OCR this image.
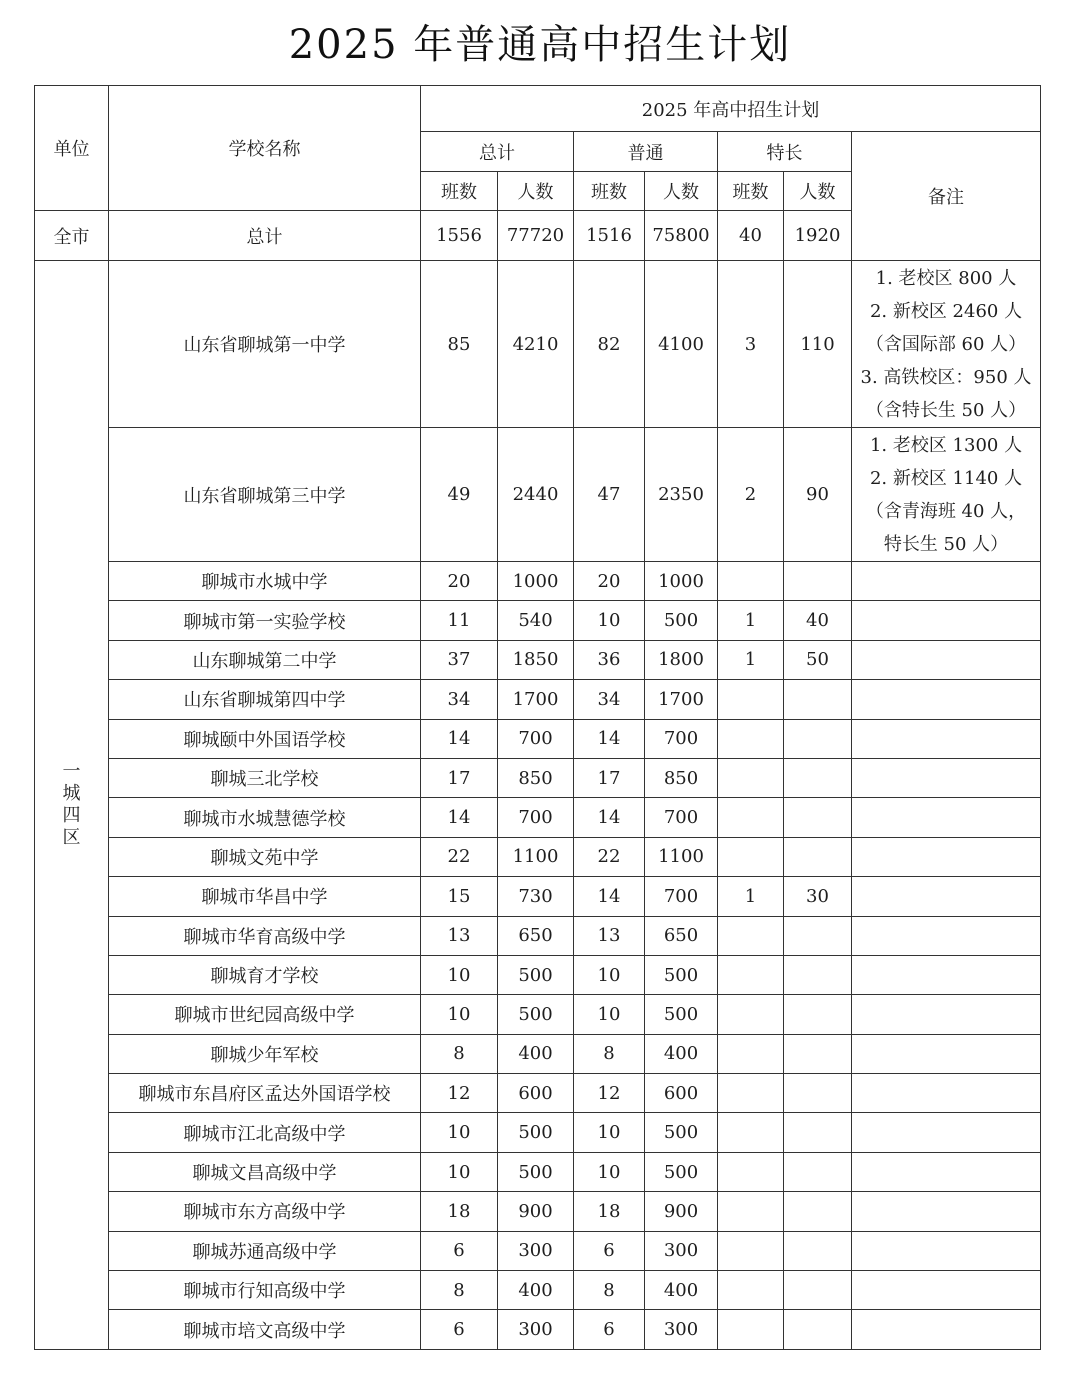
2025 年普通高中招生计划
单位	学校名称	2025 年高中招生计划						
		总计		普通		特长		备注
		班数	人数	班数	人数	班数	人数	
全市	总计	1556	77720	1516	75800	40	1920	

一
城
四
区	山东省聊城第一中学	85	4210	82	4100	3	110	1. 老校区 800 人
2. 新校区 2460 人
（含国际部 60 人）
3. 高铁校区：950 人
（含特长生 50 人）

	山东省聊城第三中学	49	2440	47	2350	2	90	1. 老校区 1300 人
2. 新校区 1140 人
（含青海班 40 人，
特长生 50 人）

	聊城市水城中学	20	1000	20	1000			
	聊城市第一实验学校	11	540	10	500	1	40	
	山东聊城第二中学	37	1850	36	1800	1	50	
	山东省聊城第四中学	34	1700	34	1700			
	聊城颐中外国语学校	14	700	14	700			
	聊城三北学校	17	850	17	850			
	聊城市水城慧德学校	14	700	14	700			
	聊城文苑中学	22	1100	22	1100			
	聊城市华昌中学	15	730	14	700	1	30	
	聊城市华育高级中学	13	650	13	650			
	聊城育才学校	10	500	10	500			
	聊城市世纪园高级中学	10	500	10	500			
	聊城少年军校	8	400	8	400			
	聊城市东昌府区孟达外国语学校	12	600	12	600			
	聊城市江北高级中学	10	500	10	500			
	聊城文昌高级中学	10	500	10	500			
	聊城市东方高级中学	18	900	18	900			
	聊城苏通高级中学	6	300	6	300			
	聊城市行知高级中学	8	400	8	400			
	聊城市培文高级中学	6	300	6	300			
